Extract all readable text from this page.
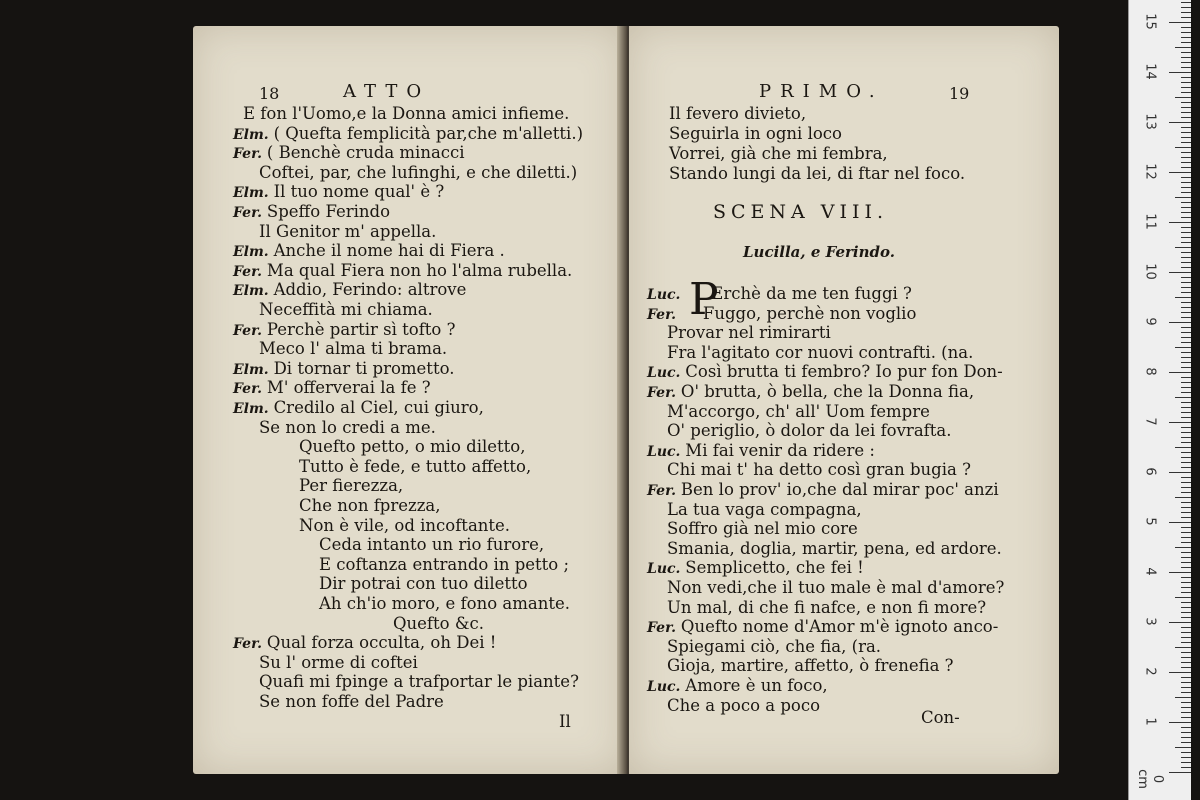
18	ATTO
E fon l'Uomo,e la Donna amici infieme.
Elm. ( Quefta femplicità par,che m'alletti.)
Fer. ( Benchè cruda minacci
Coftei, par, che lufinghi, e che diletti.)
Elm. Il tuo nome qual' è ?
Fer. Speffo Ferindo
Il Genitor m' appella.
Elm. Anche il nome hai di Fiera .
Fer. Ma qual Fiera non ho l'alma rubella.
Elm. Addio, Ferindo: altrove
Neceffità mi chiama.
Fer. Perchè partir sì tofto ?
Meco l' alma ti brama.
Elm. Di tornar ti prometto.
Fer. M' offerverai la fe ?
Elm. Credilo al Ciel, cui giuro,
Se non lo credi a me.
Quefto petto, o mio diletto,
Tutto è fede, e tutto affetto,
Per fierezza,
Che non fprezza,
Non è vile, od incoftante.
Ceda intanto un rio furore,
E coftanza entrando in petto ;
Dir potrai con tuo diletto
Ah ch'io moro, e fono amante.
Quefto &c.
Fer. Qual forza occulta, oh Dei !
Su l' orme di coftei
Quafi mi fpinge a trafportar le piante?
Se non foffe del Padre
Il
PRIMO.	19
Il fevero divieto,
Seguirla in ogni loco
Vorrei, già che mi fembra,
Stando lungi da lei, di ftar nel foco.
SCENA VIII.
Lucilla, e Ferindo.
P
Luc. Erchè da me ten fuggi ?
Fer. Fuggo, perchè non voglio
Provar nel rimirarti
Fra l'agitato cor nuovi contrafti. (na.
Luc. Così brutta ti fembro? Io pur fon Don-
Fer. O' brutta, ò bella, che la Donna fia,
M'accorgo, ch' all' Uom fempre
O' periglio, ò dolor da lei fovrafta.
Luc. Mi fai venir da ridere :
Chi mai t' ha detto così gran bugia ?
Fer. Ben lo prov' io,che dal mirar poc' anzi
La tua vaga compagna,
Soffro già nel mio core
Smania, doglia, martir, pena, ed ardore.
Luc. Semplicetto, che fei !
Non vedi,che il tuo male è mal d'amore?
Un mal, di che fi nafce, e non fi more?
Fer. Quefto nome d'Amor m'è ignoto anco-
Spiegami ciò, che fia, (ra.
Gioja, martire, affetto, ò frenefia ?
Luc. Amore è un foco,
Che a poco a poco
Con-
0 cm
1
2
3
4
5
6
7
8
9
10
11
12
13
14
15
